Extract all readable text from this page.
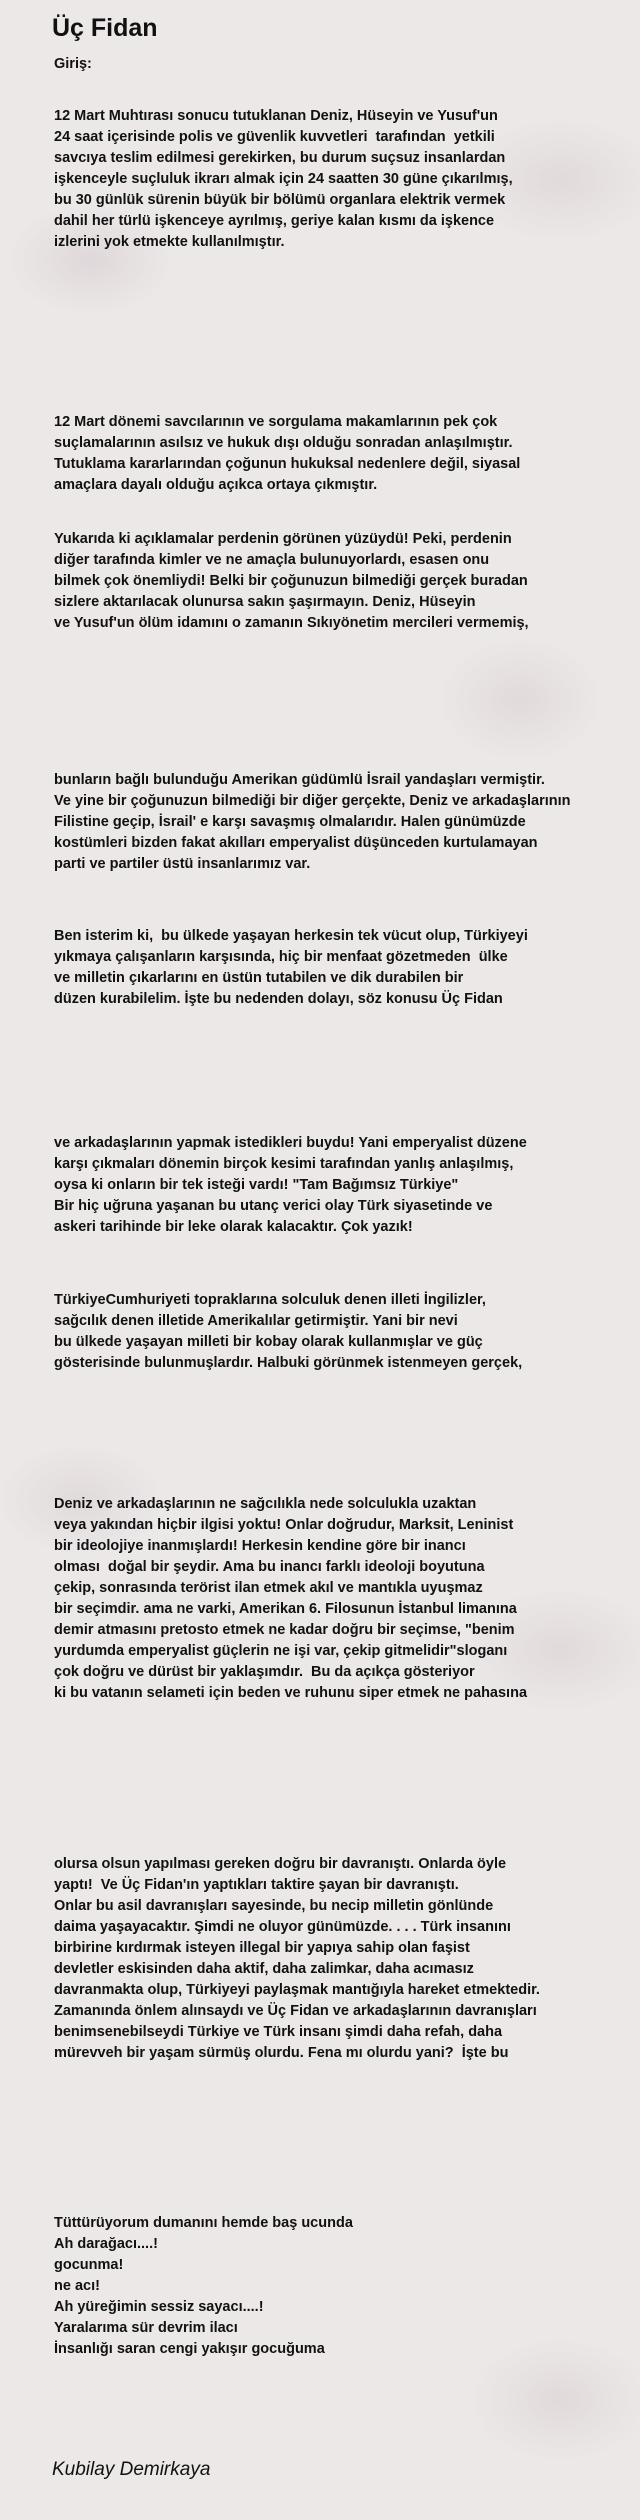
Üç Fidan
Giriş:
12 Mart Muhtırası sonucu tutuklanan Deniz, Hüseyin ve Yusuf'un
24 saat içerisinde polis ve güvenlik kuvvetleri  tarafından  yetkili
savcıya teslim edilmesi gerekirken, bu durum suçsuz insanlardan
işkenceyle suçluluk ikrarı almak için 24 saatten 30 güne çıkarılmış,
bu 30 günlük sürenin büyük bir bölümü organlara elektrik vermek
dahil her türlü işkenceye ayrılmış, geriye kalan kısmı da işkence
izlerini yok etmekte kullanılmıştır.
12 Mart dönemi savcılarının ve sorgulama makamlarının pek çok
suçlamalarının asılsız ve hukuk dışı olduğu sonradan anlaşılmıştır.
Tutuklama kararlarından çoğunun hukuksal nedenlere değil, siyasal
amaçlara dayalı olduğu açıkca ortaya çıkmıştır.
Yukarıda ki açıklamalar perdenin görünen yüzüydü! Peki, perdenin
diğer tarafında kimler ve ne amaçla bulunuyorlardı, esasen onu
bilmek çok önemliydi! Belki bir çoğunuzun bilmediği gerçek buradan
sizlere aktarılacak olunursa sakın şaşırmayın. Deniz, Hüseyin
ve Yusuf'un ölüm idamını o zamanın Sıkıyönetim mercileri vermemiş,
bunların bağlı bulunduğu Amerikan güdümlü İsrail yandaşları vermiştir.
Ve yine bir çoğunuzun bilmediği bir diğer gerçekte, Deniz ve arkadaşlarının
Filistine geçip, İsrail' e karşı savaşmış olmalarıdır. Halen günümüzde
kostümleri bizden fakat akılları emperyalist düşünceden kurtulamayan
parti ve partiler üstü insanlarımız var.
Ben isterim ki,  bu ülkede yaşayan herkesin tek vücut olup, Türkiyeyi
yıkmaya çalışanların karşısında, hiç bir menfaat gözetmeden  ülke
ve milletin çıkarlarını en üstün tutabilen ve dik durabilen bir
düzen kurabilelim. İşte bu nedenden dolayı, söz konusu Üç Fidan
ve arkadaşlarının yapmak istedikleri buydu! Yani emperyalist düzene
karşı çıkmaları dönemin birçok kesimi tarafından yanlış anlaşılmış,
oysa ki onların bir tek isteği vardı! "Tam Bağımsız Türkiye"
Bir hiç uğruna yaşanan bu utanç verici olay Türk siyasetinde ve
askeri tarihinde bir leke olarak kalacaktır. Çok yazık!
TürkiyeCumhuriyeti topraklarına solculuk denen illeti İngilizler,
sağcılık denen illetide Amerikalılar getirmiştir. Yani bir nevi
bu ülkede yaşayan milleti bir kobay olarak kullanmışlar ve güç
gösterisinde bulunmuşlardır. Halbuki görünmek istenmeyen gerçek,
Deniz ve arkadaşlarının ne sağcılıkla nede solculukla uzaktan
veya yakından hiçbir ilgisi yoktu! Onlar doğrudur, Marksit, Leninist
bir ideolojiye inanmışlardı! Herkesin kendine göre bir inancı
olması  doğal bir şeydir. Ama bu inancı farklı ideoloji boyutuna
çekip, sonrasında terörist ilan etmek akıl ve mantıkla uyuşmaz
bir seçimdir. ama ne varki, Amerikan 6. Filosunun İstanbul limanına
demir atmasını pretosto etmek ne kadar doğru bir seçimse, "benim
yurdumda emperyalist güçlerin ne işi var, çekip gitmelidir"sloganı
çok doğru ve dürüst bir yaklaşımdır.  Bu da açıkça gösteriyor
ki bu vatanın selameti için beden ve ruhunu siper etmek ne pahasına
olursa olsun yapılması gereken doğru bir davranıştı. Onlarda öyle
yaptı!  Ve Üç Fidan'ın yaptıkları taktire şayan bir davranıştı.
Onlar bu asil davranışları sayesinde, bu necip milletin gönlünde
daima yaşayacaktır. Şimdi ne oluyor günümüzde. . . . Türk insanını
birbirine kırdırmak isteyen illegal bir yapıya sahip olan faşist
devletler eskisinden daha aktif, daha zalimkar, daha acımasız
davranmakta olup, Türkiyeyi paylaşmak mantığıyla hareket etmektedir.
Zamanında önlem alınsaydı ve Üç Fidan ve arkadaşlarının davranışları
benimsenebilseydi Türkiye ve Türk insanı şimdi daha refah, daha
mürevveh bir yaşam sürmüş olurdu. Fena mı olurdu yani?  İşte bu
Tüttürüyorum dumanını hemde baş ucunda
Ah darağacı....!
gocunma!
ne acı!
Ah yüreğimin sessiz sayacı....!
Yaralarıma sür devrim ilacı
İnsanlığı saran cengi yakışır gocuğuma
Kubilay Demirkaya
